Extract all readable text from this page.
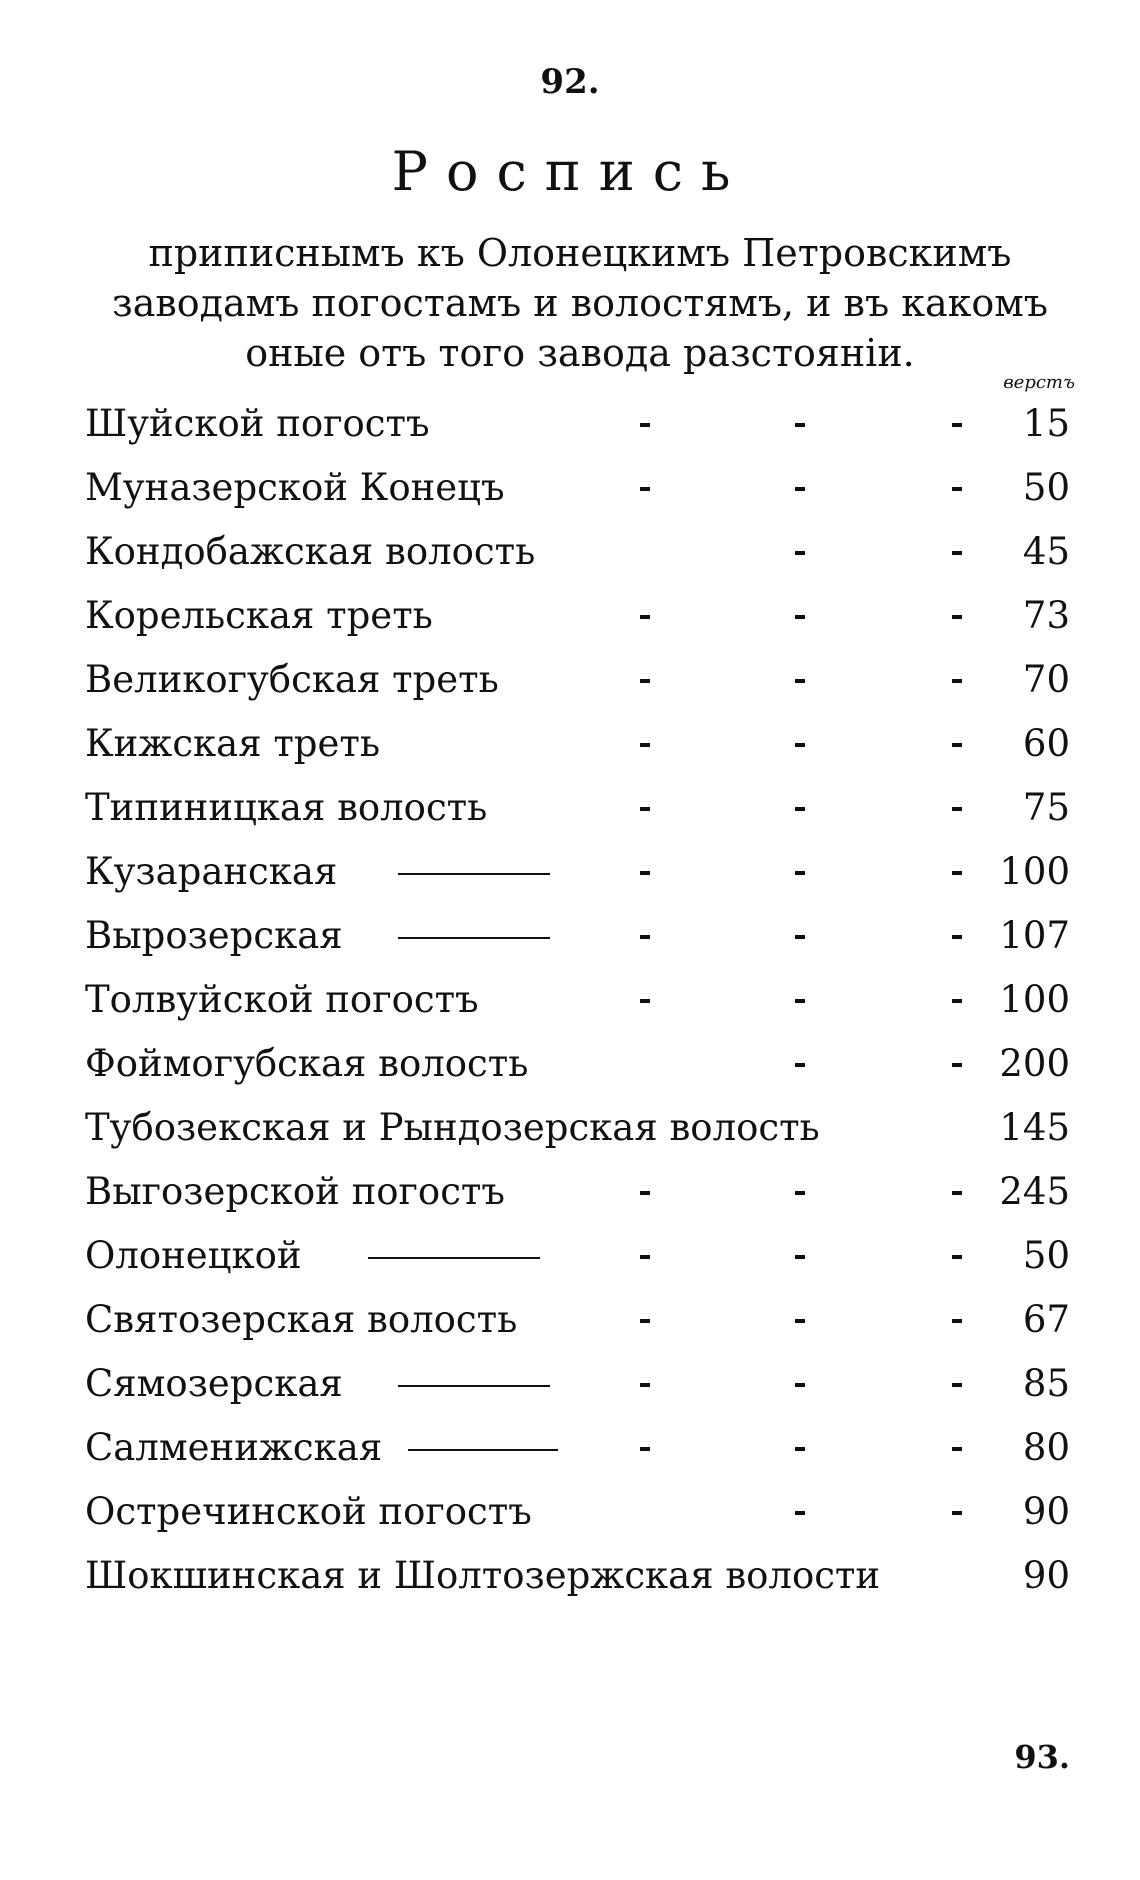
92.
Роспись
приписнымъ къ Олонецкимъ Петровскимъ заводамъ погостамъ и волостямъ, и въ какомъ оные отъ того завода разстояніи.
верстъ
Шуйской погостъ	15
Муназерской Конецъ	50
Кондобажская волость	45
Корельская треть	73
Великогубская треть	70
Кижская треть	60
Типиницкая волость	75
Кузаранская	100
Вырозерская	107
Толвуйской погостъ	100
Фоймогубская волость	200
Тубозекская и Рындозерская волость	145
Выгозерской погостъ	245
Олонецкой	50
Святозерская волость	67
Сямозерская	85
Салменижская	80
Остречинской погостъ	90
Шокшинская и Шолтозержская волости	90
93.
